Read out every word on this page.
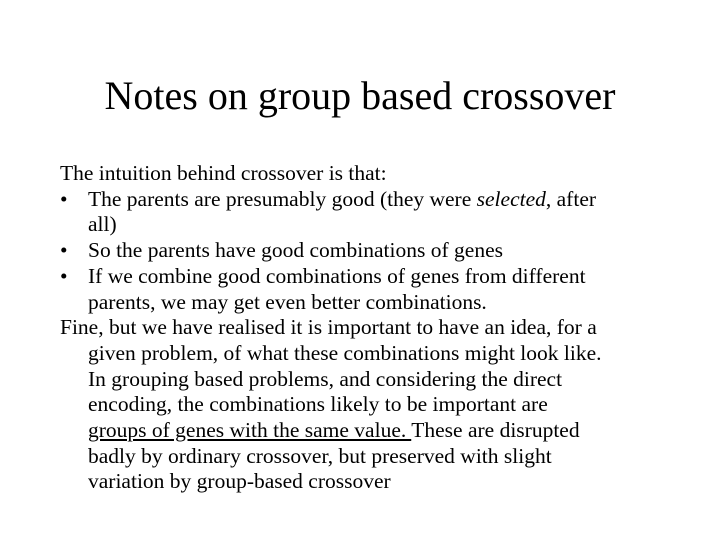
Notes on group based crossover
The intuition behind crossover is that:
• The parents are presumably good (they were selected, after
all)
• So the parents have good combinations of genes
• If we combine good combinations of genes from different
parents, we may get even better combinations.
Fine, but we have realised it is important to have an idea, for a
given problem, of what these combinations might look like.
In grouping based problems, and considering the direct
encoding, the combinations likely to be important are
groups of genes with the same value. These are disrupted
badly by ordinary crossover, but preserved with slight
variation by group-based crossover
